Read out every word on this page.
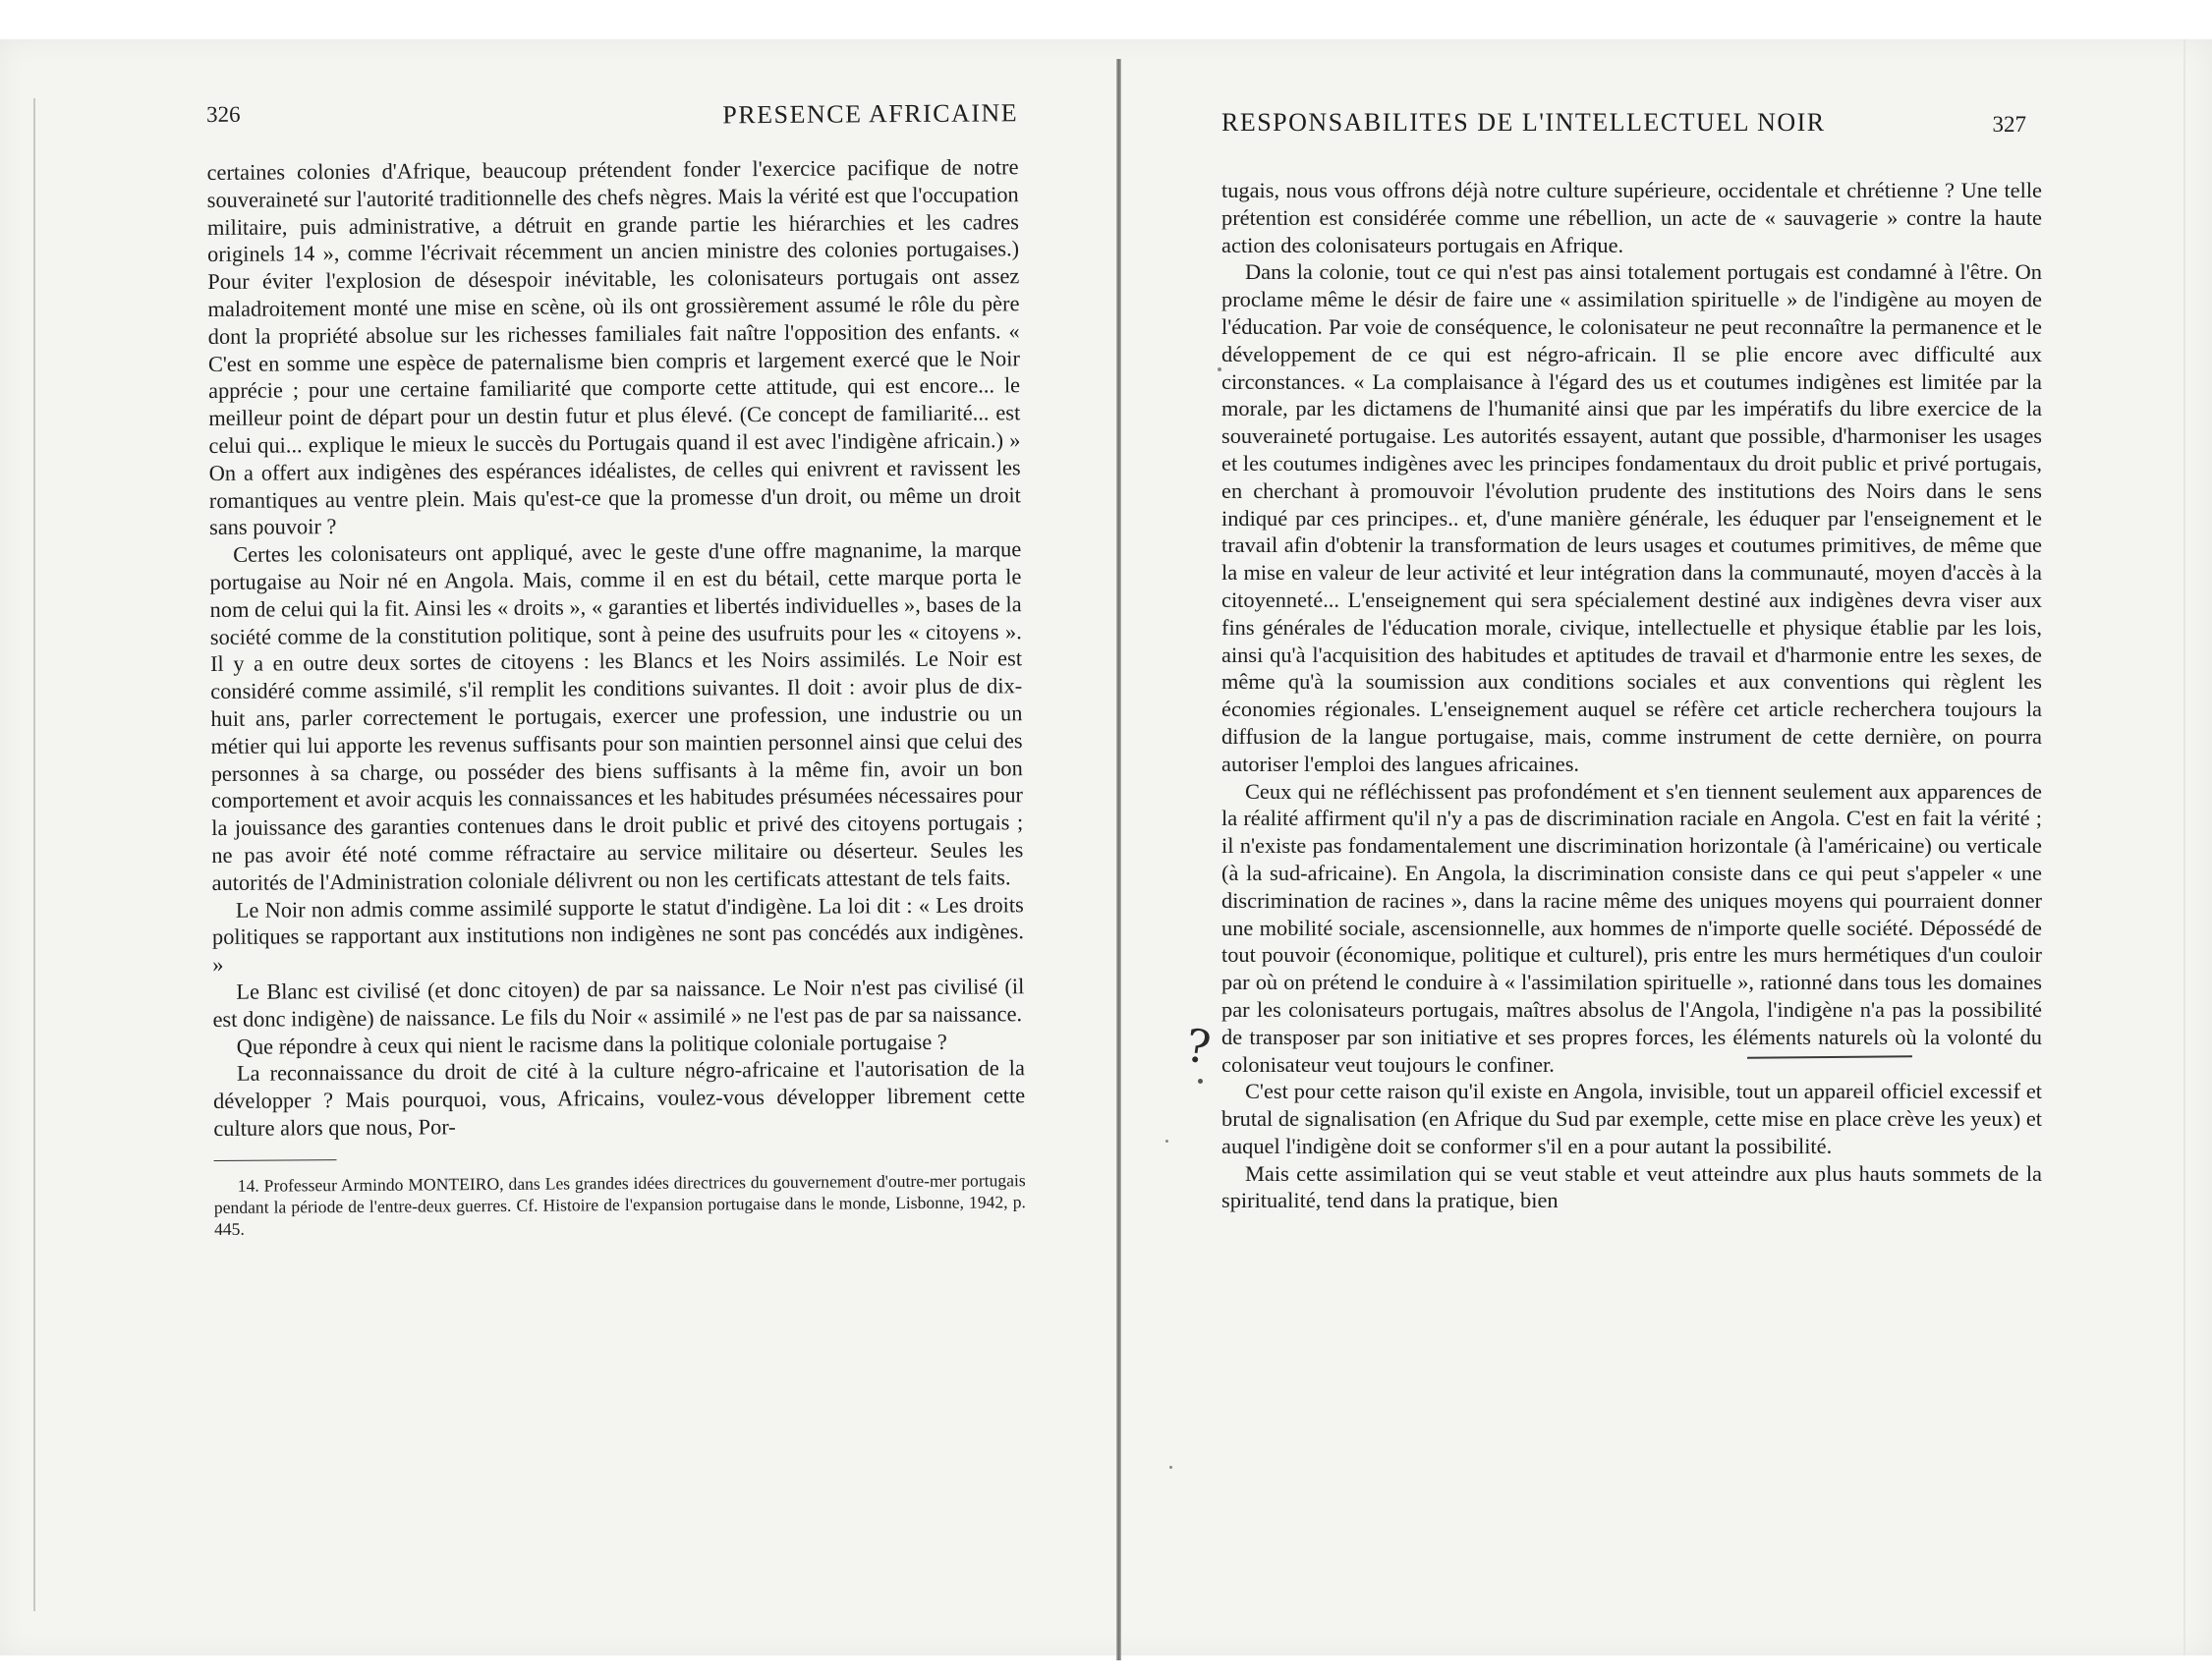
326	PRESENCE AFRICAINE

certaines colonies d'Afrique, beaucoup prétendent fonder l'exercice pacifique de notre souveraineté sur l'autorité traditionnelle des chefs nègres. Mais la vérité est que l'occupation militaire, puis administrative, a détruit en grande partie les hiérarchies et les cadres originels 14 », comme l'écrivait récemment un ancien ministre des colonies portugaises.) Pour éviter l'explosion de désespoir inévitable, les colonisateurs portugais ont assez maladroitement monté une mise en scène, où ils ont grossièrement assumé le rôle du père dont la propriété absolue sur les richesses familiales fait naître l'opposition des enfants. « C'est en somme une espèce de paternalisme bien compris et largement exercé que le Noir apprécie ; pour une certaine familiarité que comporte cette attitude, qui est encore... le meilleur point de départ pour un destin futur et plus élevé. (Ce concept de familiarité... est celui qui... explique le mieux le succès du Portugais quand il est avec l'indigène africain.) » On a offert aux indigènes des espérances idéalistes, de celles qui enivrent et ravissent les romantiques au ventre plein. Mais qu'est-ce que la promesse d'un droit, ou même un droit sans pouvoir ?

Certes les colonisateurs ont appliqué, avec le geste d'une offre magnanime, la marque portugaise au Noir né en Angola. Mais, comme il en est du bétail, cette marque porta le nom de celui qui la fit. Ainsi les « droits », « garanties et libertés individuelles », bases de la société comme de la constitution politique, sont à peine des usufruits pour les « citoyens ». Il y a en outre deux sortes de citoyens : les Blancs et les Noirs assimilés. Le Noir est considéré comme assimilé, s'il remplit les conditions suivantes. Il doit : avoir plus de dix-huit ans, parler correctement le portugais, exercer une profession, une industrie ou un métier qui lui apporte les revenus suffisants pour son maintien personnel ainsi que celui des personnes à sa charge, ou posséder des biens suffisants à la même fin, avoir un bon comportement et avoir acquis les connaissances et les habitudes présumées nécessaires pour la jouissance des garanties contenues dans le droit public et privé des citoyens portugais ; ne pas avoir été noté comme réfractaire au service militaire ou déserteur. Seules les autorités de l'Administration coloniale délivrent ou non les certificats attestant de tels faits.

Le Noir non admis comme assimilé supporte le statut d'indigène. La loi dit : « Les droits politiques se rapportant aux institutions non indigènes ne sont pas concédés aux indigènes. »

Le Blanc est civilisé (et donc citoyen) de par sa naissance. Le Noir n'est pas civilisé (il est donc indigène) de naissance. Le fils du Noir « assimilé » ne l'est pas de par sa naissance.

Que répondre à ceux qui nient le racisme dans la politique coloniale portugaise ?

La reconnaissance du droit de cité à la culture négro-africaine et l'autorisation de la développer ? Mais pourquoi, vous, Africains, voulez-vous développer librement cette culture alors que nous, Por-

14. Professeur Armindo MONTEIRO, dans Les grandes idées directrices du gouvernement d'outre-mer portugais pendant la période de l'entre-deux guerres. Cf. Histoire de l'expansion portugaise dans le monde, Lisbonne, 1942, p. 445.

RESPONSABILITES DE L'INTELLECTUEL NOIR	327

tugais, nous vous offrons déjà notre culture supérieure, occidentale et chrétienne ? Une telle prétention est considérée comme une rébellion, un acte de « sauvagerie » contre la haute action des colonisateurs portugais en Afrique.

Dans la colonie, tout ce qui n'est pas ainsi totalement portugais est condamné à l'être. On proclame même le désir de faire une « assimilation spirituelle » de l'indigène au moyen de l'éducation. Par voie de conséquence, le colonisateur ne peut reconnaître la permanence et le développement de ce qui est négro-africain. Il se plie encore avec difficulté aux circonstances. « La complaisance à l'égard des us et coutumes indigènes est limitée par la morale, par les dictamens de l'humanité ainsi que par les impératifs du libre exercice de la souveraineté portugaise. Les autorités essayent, autant que possible, d'harmoniser les usages et les coutumes indigènes avec les principes fondamentaux du droit public et privé portugais, en cherchant à promouvoir l'évolution prudente des institutions des Noirs dans le sens indiqué par ces principes.. et, d'une manière générale, les éduquer par l'enseignement et le travail afin d'obtenir la transformation de leurs usages et coutumes primitives, de même que la mise en valeur de leur activité et leur intégration dans la communauté, moyen d'accès à la citoyenneté... L'enseignement qui sera spécialement destiné aux indigènes devra viser aux fins générales de l'éducation morale, civique, intellectuelle et physique établie par les lois, ainsi qu'à l'acquisition des habitudes et aptitudes de travail et d'harmonie entre les sexes, de même qu'à la soumission aux conditions sociales et aux conventions qui règlent les économies régionales. L'enseignement auquel se réfère cet article recherchera toujours la diffusion de la langue portugaise, mais, comme instrument de cette dernière, on pourra autoriser l'emploi des langues africaines.

Ceux qui ne réfléchissent pas profondément et s'en tiennent seulement aux apparences de la réalité affirment qu'il n'y a pas de discrimination raciale en Angola. C'est en fait la vérité ; il n'existe pas fondamentalement une discrimination horizontale (à l'américaine) ou verticale (à la sud-africaine). En Angola, la discrimination consiste dans ce qui peut s'appeler « une discrimination de racines », dans la racine même des uniques moyens qui pourraient donner une mobilité sociale, ascensionnelle, aux hommes de n'importe quelle société. Dépossédé de tout pouvoir (économique, politique et culturel), pris entre les murs hermétiques d'un couloir par où on prétend le conduire à « l'assimilation spirituelle », rationné dans tous les domaines par les colonisateurs portugais, maîtres absolus de l'Angola, l'indigène n'a pas la possibilité de transposer par son initiative et ses propres forces, les éléments naturels où la volonté du colonisateur veut toujours le confiner.

C'est pour cette raison qu'il existe en Angola, invisible, tout un appareil officiel excessif et brutal de signalisation (en Afrique du Sud par exemple, cette mise en place crève les yeux) et auquel l'indigène doit se conformer s'il en a pour autant la possibilité.

Mais cette assimilation qui se veut stable et veut atteindre aux plus hauts sommets de la spiritualité, tend dans la pratique, bien

?
